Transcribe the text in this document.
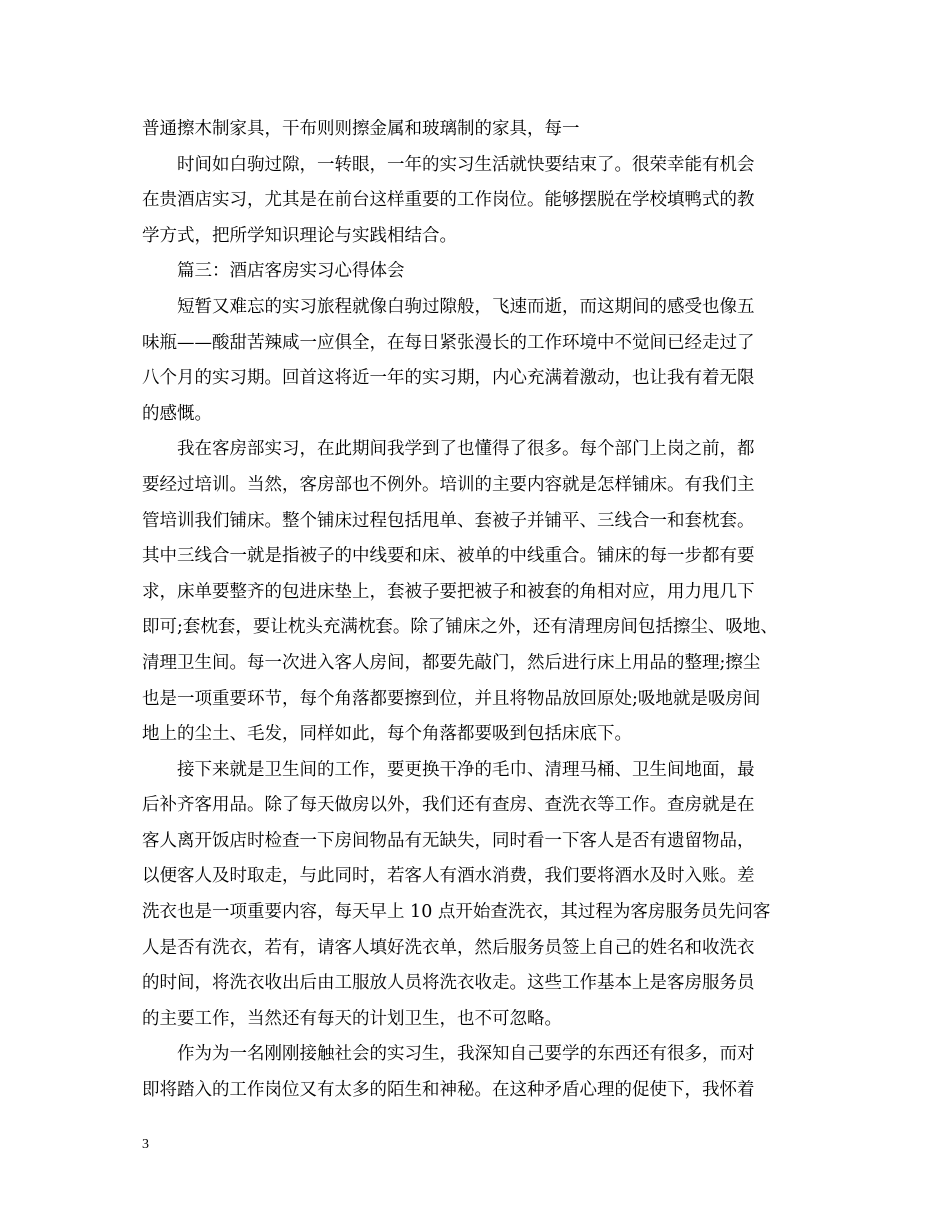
普通擦木制家具，干布则则擦金属和玻璃制的家具，每一
时间如白驹过隙，一转眼，一年的实习生活就快要结束了。很荣幸能有机会
在贵酒店实习，尤其是在前台这样重要的工作岗位。能够摆脱在学校填鸭式的教
学方式，把所学知识理论与实践相结合。
篇三：酒店客房实习心得体会
短暂又难忘的实习旅程就像白驹过隙般，飞速而逝，而这期间的感受也像五
味瓶——酸甜苦辣咸一应俱全，在每日紧张漫长的工作环境中不觉间已经走过了
八个月的实习期。回首这将近一年的实习期，内心充满着激动，也让我有着无限
的感慨。
我在客房部实习，在此期间我学到了也懂得了很多。每个部门上岗之前，都
要经过培训。当然，客房部也不例外。培训的主要内容就是怎样铺床。有我们主
管培训我们铺床。整个铺床过程包括甩单、套被子并铺平、三线合一和套枕套。
其中三线合一就是指被子的中线要和床、被单的中线重合。铺床的每一步都有要
求，床单要整齐的包进床垫上，套被子要把被子和被套的角相对应，用力甩几下
即可;套枕套，要让枕头充满枕套。除了铺床之外，还有清理房间包括擦尘、吸地、
清理卫生间。每一次进入客人房间，都要先敲门，然后进行床上用品的整理;擦尘
也是一项重要环节，每个角落都要擦到位，并且将物品放回原处;吸地就是吸房间
地上的尘土、毛发，同样如此，每个角落都要吸到包括床底下。
接下来就是卫生间的工作，要更换干净的毛巾、清理马桶、卫生间地面，最
后补齐客用品。除了每天做房以外，我们还有查房、查洗衣等工作。查房就是在
客人离开饭店时检查一下房间物品有无缺失，同时看一下客人是否有遗留物品，
以便客人及时取走，与此同时，若客人有酒水消费，我们要将酒水及时入账。差
洗衣也是一项重要内容，每天早上 10 点开始查洗衣，其过程为客房服务员先问客
人是否有洗衣，若有，请客人填好洗衣单，然后服务员签上自己的姓名和收洗衣
的时间，将洗衣收出后由工服放人员将洗衣收走。这些工作基本上是客房服务员
的主要工作，当然还有每天的计划卫生，也不可忽略。
作为为一名刚刚接触社会的实习生，我深知自己要学的东西还有很多，而对
即将踏入的工作岗位又有太多的陌生和神秘。在这种矛盾心理的促使下，我怀着
3
